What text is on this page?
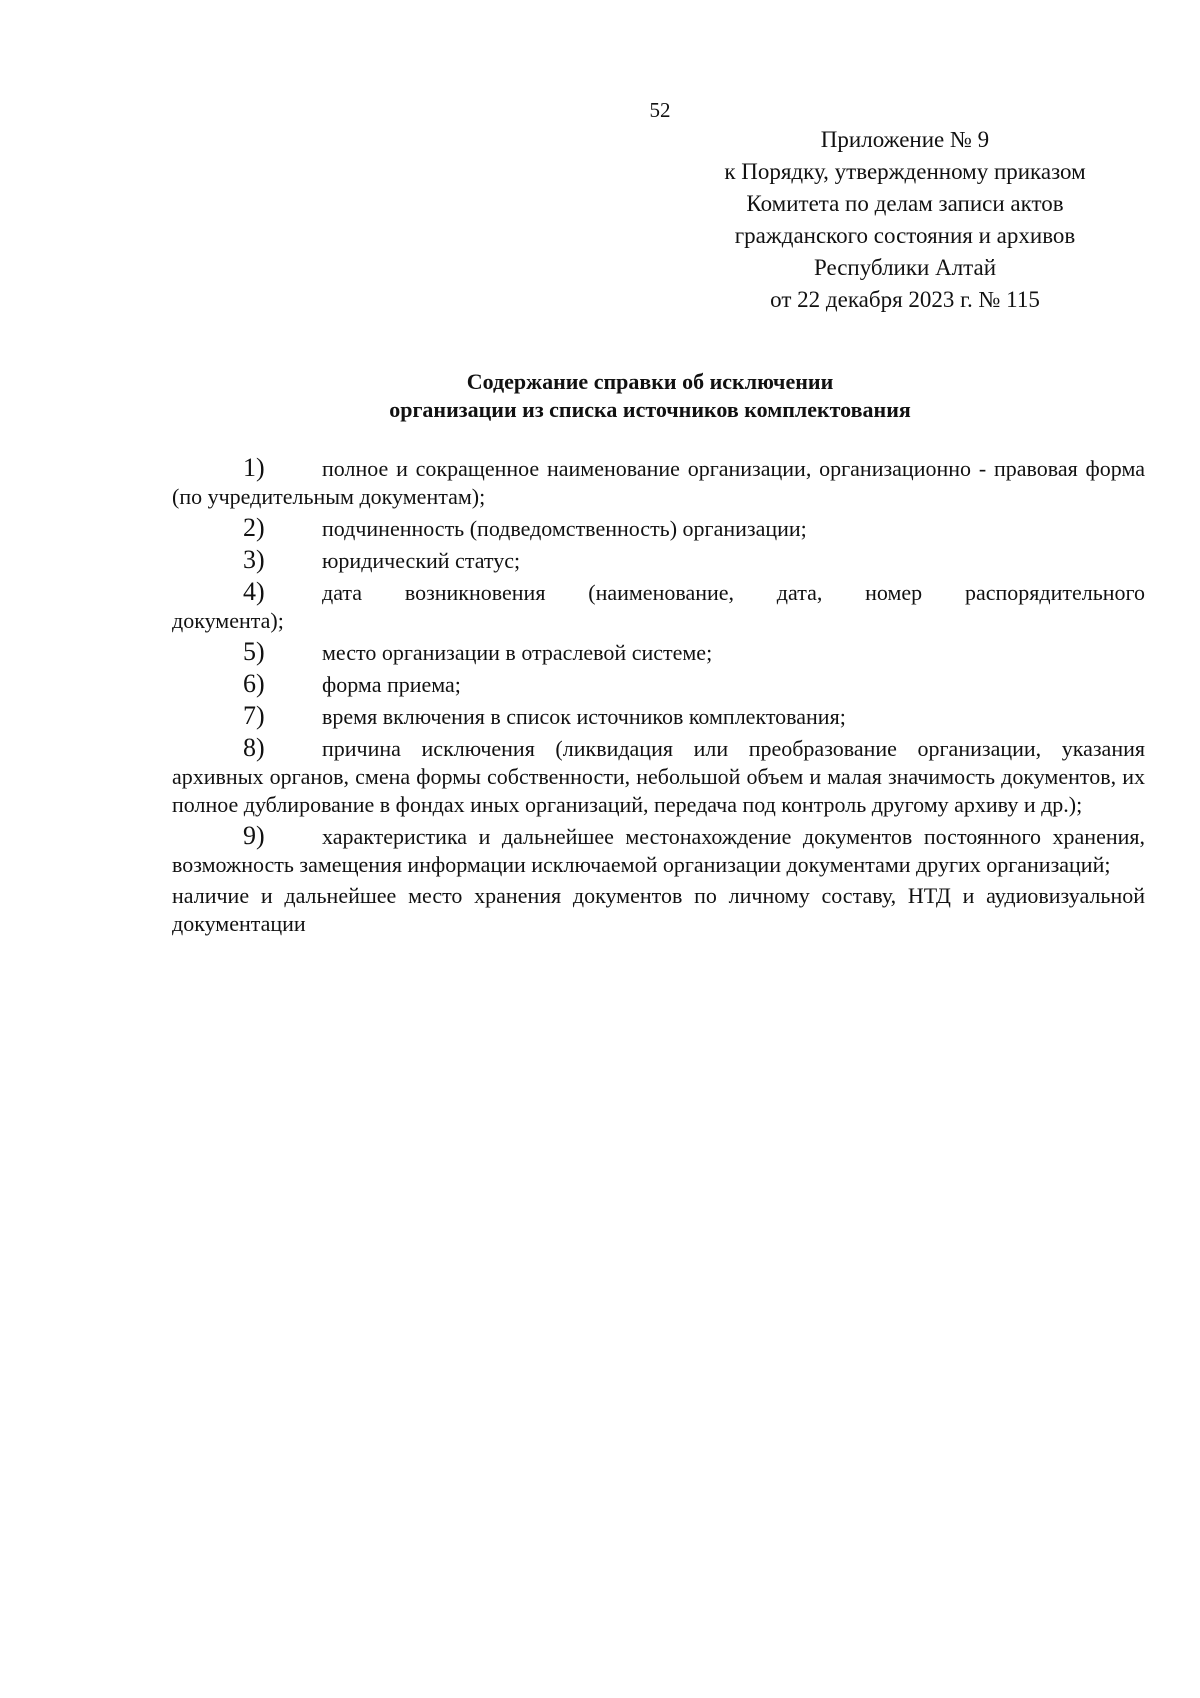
52
Приложение № 9
к Порядку, утвержденному приказом
Комитета по делам записи актов
гражданского состояния и архивов
Республики Алтай
от 22 декабря 2023 г. № 115
Содержание справки об исключении
организации из списка источников комплектования

1)	полное и сокращенное наименование организации, организационно - правовая форма (по учредительным документам);

2)	подчиненность (подведомственность) организации;

3)	юридический статус;

4)	дата возникновения (наименование, дата, номер распорядительного
документа);

5)	место организации в отраслевой системе;

6)	форма приема;

7)	время включения в список источников комплектования;

8)	причина исключения (ликвидация или преобразование организации, указания архивных органов, смена формы собственности, небольшой объем и малая значимость документов, их полное дублирование в фондах иных организаций, передача под контроль другому архиву и др.);

9)	характеристика и дальнейшее местонахождение документов постоянного хранения, возможность замещения информации исключаемой организации документами других организаций;

наличие и дальнейшее место хранения документов по личному составу, НТД и аудиовизуальной документации
